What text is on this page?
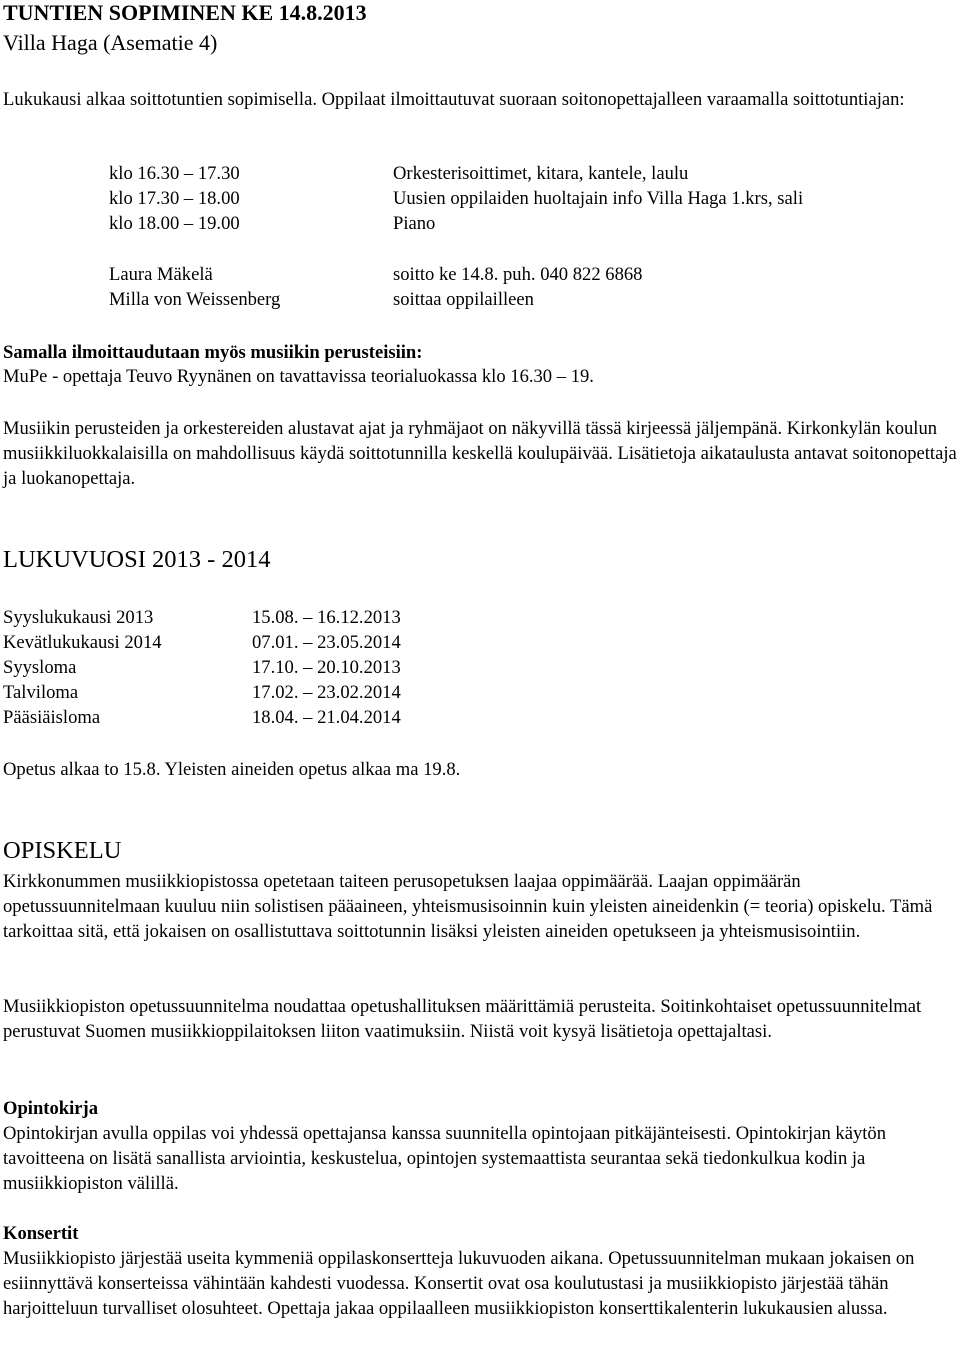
TUNTIEN SOPIMINEN KE 14.8.2013
Villa Haga (Asematie 4)

Lukukausi alkaa soittotuntien sopimisella. Oppilaat ilmoittautuvat suoraan soitonopettajalleen varaamalla soittotuntiajan:

klo 16.30 – 17.30	Orkesterisoittimet, kitara, kantele, laulu
klo 17.30 – 18.00	Uusien oppilaiden huoltajain info Villa Haga 1.krs, sali
klo 18.00 – 19.00	Piano
Laura Mäkelä	soitto ke 14.8. puh. 040 822 6868
Milla von Weissenberg	soittaa oppilailleen
Samalla ilmoittaudutaan myös musiikin perusteisiin:
MuPe - opettaja Teuvo Ryynänen on tavattavissa teorialuokassa klo 16.30 – 19.

Musiikin perusteiden ja orkestereiden alustavat ajat ja ryhmäjaot on näkyvillä tässä kirjeessä jäljempänä. Kirkonkylän koulun musiikkiluokkalaisilla on mahdollisuus käydä soittotunnilla keskellä koulupäivää. Lisätietoja aikataulusta antavat soitonopettaja ja luokanopettaja.

LUKUVUOSI 2013 - 2014
Syyslukukausi 2013	15.08. – 16.12.2013
Kevätlukukausi 2014	07.01. – 23.05.2014
Syysloma	17.10. – 20.10.2013
Talviloma	17.02. – 23.02.2014
Pääsiäisloma	18.04. – 21.04.2014
Opetus alkaa to 15.8. Yleisten aineiden opetus alkaa ma 19.8.
OPISKELU

Kirkkonummen musiikkiopistossa opetetaan taiteen perusopetuksen laajaa oppimäärää. Laajan oppimäärän opetussuunnitelmaan kuuluu niin solistisen pääaineen, yhteismusisoinnin kuin yleisten aineidenkin (= teoria) opiskelu. Tämä tarkoittaa sitä, että jokaisen on osallistuttava soittotunnin lisäksi yleisten aineiden opetukseen ja yhteismusisointiin.

Musiikkiopiston opetussuunnitelma noudattaa opetushallituksen määrittämiä perusteita. Soitinkohtaiset opetussuunnitelmat perustuvat Suomen musiikkioppilaitoksen liiton vaatimuksiin. Niistä voit kysyä lisätietoja opettajaltasi.

Opintokirja

Opintokirjan avulla oppilas voi yhdessä opettajansa kanssa suunnitella opintojaan pitkäjänteisesti. Opintokirjan käytön tavoitteena on lisätä sanallista arviointia, keskustelua, opintojen systemaattista seurantaa sekä tiedonkulkua kodin ja musiikkiopiston välillä.

Konsertit

Musiikkiopisto järjestää useita kymmeniä oppilaskonsertteja lukuvuoden aikana. Opetussuunnitelman mukaan jokaisen on esiinnyttävä konserteissa vähintään kahdesti vuodessa. Konsertit ovat osa koulutustasi ja musiikkiopisto järjestää tähän harjoitteluun turvalliset olosuhteet. Opettaja jakaa oppilaalleen musiikkiopiston konserttikalenterin lukukausien alussa.
